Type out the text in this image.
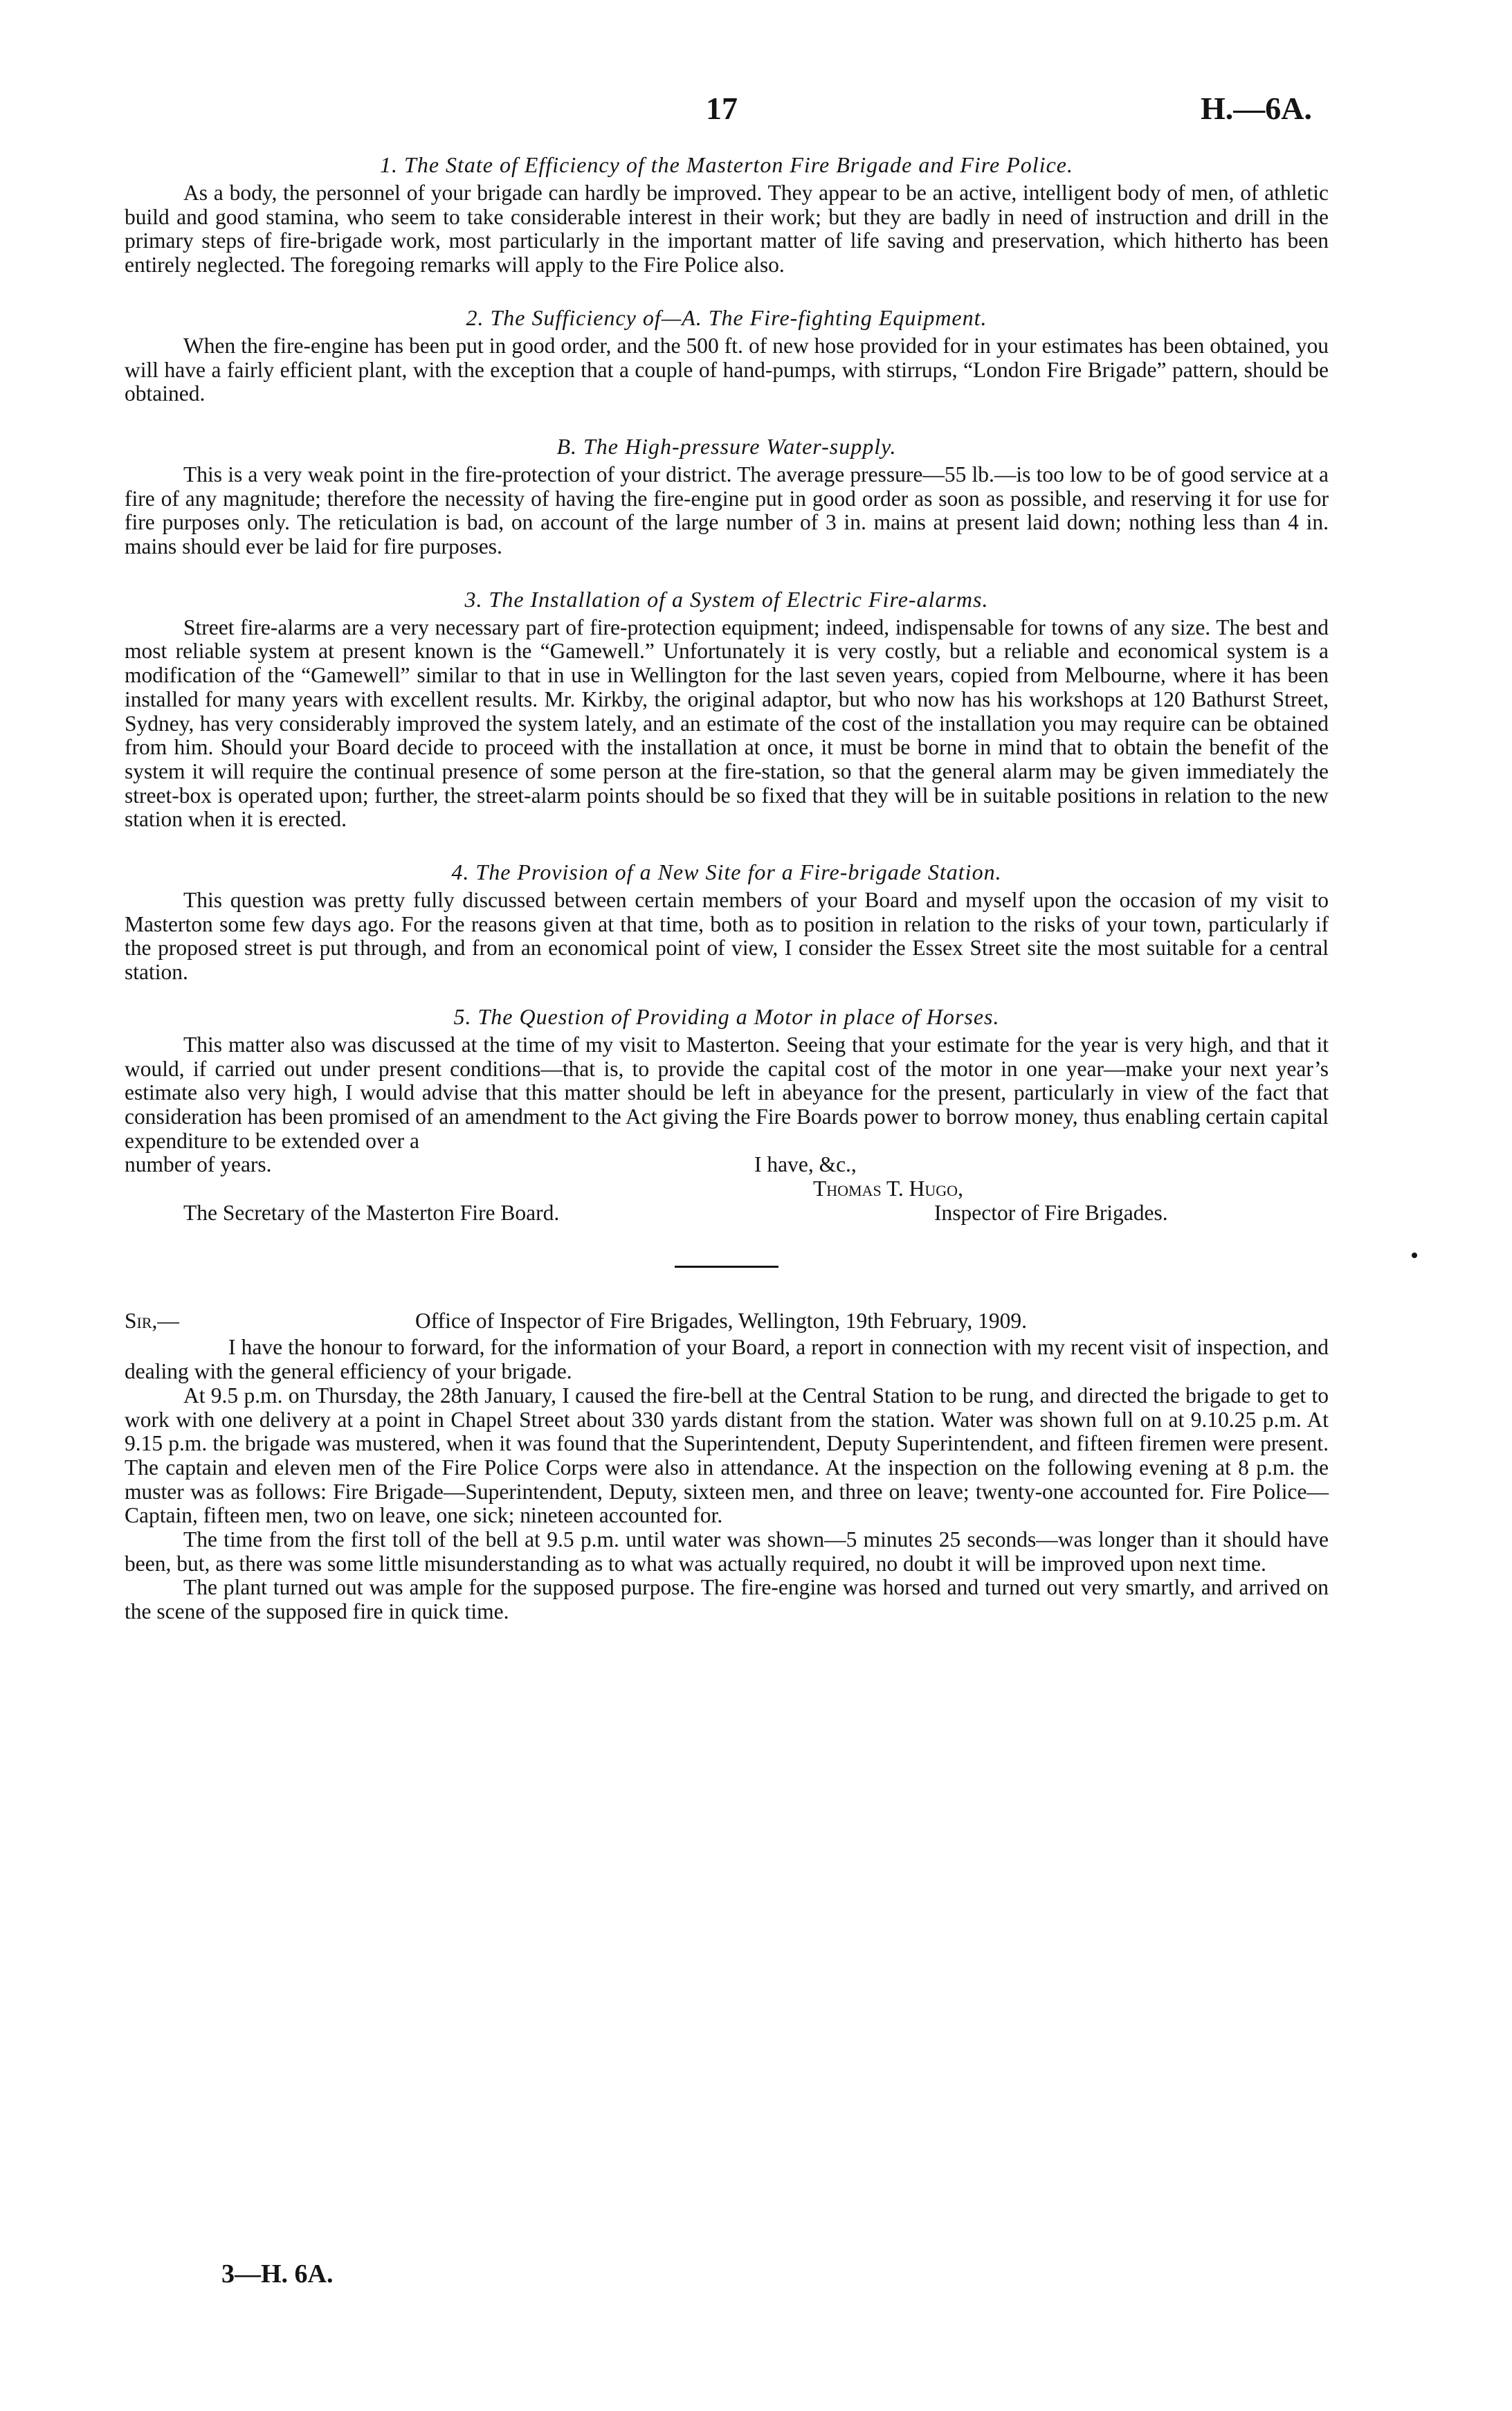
17	H.—6A.
1. The State of Efficiency of the Masterton Fire Brigade and Fire Police.

As a body, the personnel of your brigade can hardly be improved. They appear to be an active, intelligent body of men, of athletic build and good stamina, who seem to take considerable interest in their work; but they are badly in need of instruction and drill in the primary steps of fire-brigade work, most particularly in the important matter of life saving and preservation, which hitherto has been entirely neglected. The foregoing remarks will apply to the Fire Police also.

2. The Sufficiency of—A. The Fire-fighting Equipment.

When the fire-engine has been put in good order, and the 500 ft. of new hose provided for in your estimates has been obtained, you will have a fairly efficient plant, with the exception that a couple of hand-pumps, with stirrups, “London Fire Brigade” pattern, should be obtained.

B. The High-pressure Water-supply.

This is a very weak point in the fire-protection of your district. The average pressure—55 lb.—is too low to be of good service at a fire of any magnitude; therefore the necessity of having the fire-engine put in good order as soon as possible, and reserving it for use for fire purposes only. The reticulation is bad, on account of the large number of 3 in. mains at present laid down; nothing less than 4 in. mains should ever be laid for fire purposes.

3. The Installation of a System of Electric Fire-alarms.

Street fire-alarms are a very necessary part of fire-protection equipment; indeed, indispensable for towns of any size. The best and most reliable system at present known is the “Gamewell.” Unfortunately it is very costly, but a reliable and economical system is a modification of the “Gamewell” similar to that in use in Wellington for the last seven years, copied from Melbourne, where it has been installed for many years with excellent results. Mr. Kirkby, the original adaptor, but who now has his workshops at 120 Bathurst Street, Sydney, has very considerably improved the system lately, and an estimate of the cost of the installation you may require can be obtained from him. Should your Board decide to proceed with the installation at once, it must be borne in mind that to obtain the benefit of the system it will require the continual presence of some person at the fire-station, so that the general alarm may be given immediately the street-box is operated upon; further, the street-alarm points should be so fixed that they will be in suitable positions in relation to the new station when it is erected.

4. The Provision of a New Site for a Fire-brigade Station.

This question was pretty fully discussed between certain members of your Board and myself upon the occasion of my visit to Masterton some few days ago. For the reasons given at that time, both as to position in relation to the risks of your town, particularly if the proposed street is put through, and from an economical point of view, I consider the Essex Street site the most suitable for a central station.

5. The Question of Providing a Motor in place of Horses.

This matter also was discussed at the time of my visit to Masterton. Seeing that your estimate for the year is very high, and that it would, if carried out under present conditions—that is, to provide the capital cost of the motor in one year—make your next year’s estimate also very high, I would advise that this matter should be left in abeyance for the present, particularly in view of the fact that consideration has been promised of an amendment to the Act giving the Fire Boards power to borrow money, thus enabling certain capital expenditure to be extended over a

number of years.	I have, &c.,
Thomas T. Hugo,
The Secretary of the Masterton Fire Board.	Inspector of Fire Brigades.
Sir,—	Office of Inspector of Fire Brigades, Wellington, 19th February, 1909.

I have the honour to forward, for the information of your Board, a report in connection with my recent visit of inspection, and dealing with the general efficiency of your brigade.

At 9.5 p.m. on Thursday, the 28th January, I caused the fire-bell at the Central Station to be rung, and directed the brigade to get to work with one delivery at a point in Chapel Street about 330 yards distant from the station. Water was shown full on at 9.10.25 p.m. At 9.15 p.m. the brigade was mustered, when it was found that the Superintendent, Deputy Superintendent, and fifteen firemen were present. The captain and eleven men of the Fire Police Corps were also in attendance. At the inspection on the following evening at 8 p.m. the muster was as follows: Fire Brigade—Superintendent, Deputy, sixteen men, and three on leave; twenty-one accounted for. Fire Police—Captain, fifteen men, two on leave, one sick; nineteen accounted for.

The time from the first toll of the bell at 9.5 p.m. until water was shown—5 minutes 25 seconds—was longer than it should have been, but, as there was some little misunderstanding as to what was actually required, no doubt it will be improved upon next time.

The plant turned out was ample for the supposed purpose. The fire-engine was horsed and turned out very smartly, and arrived on the scene of the supposed fire in quick time.

3—H. 6A.
